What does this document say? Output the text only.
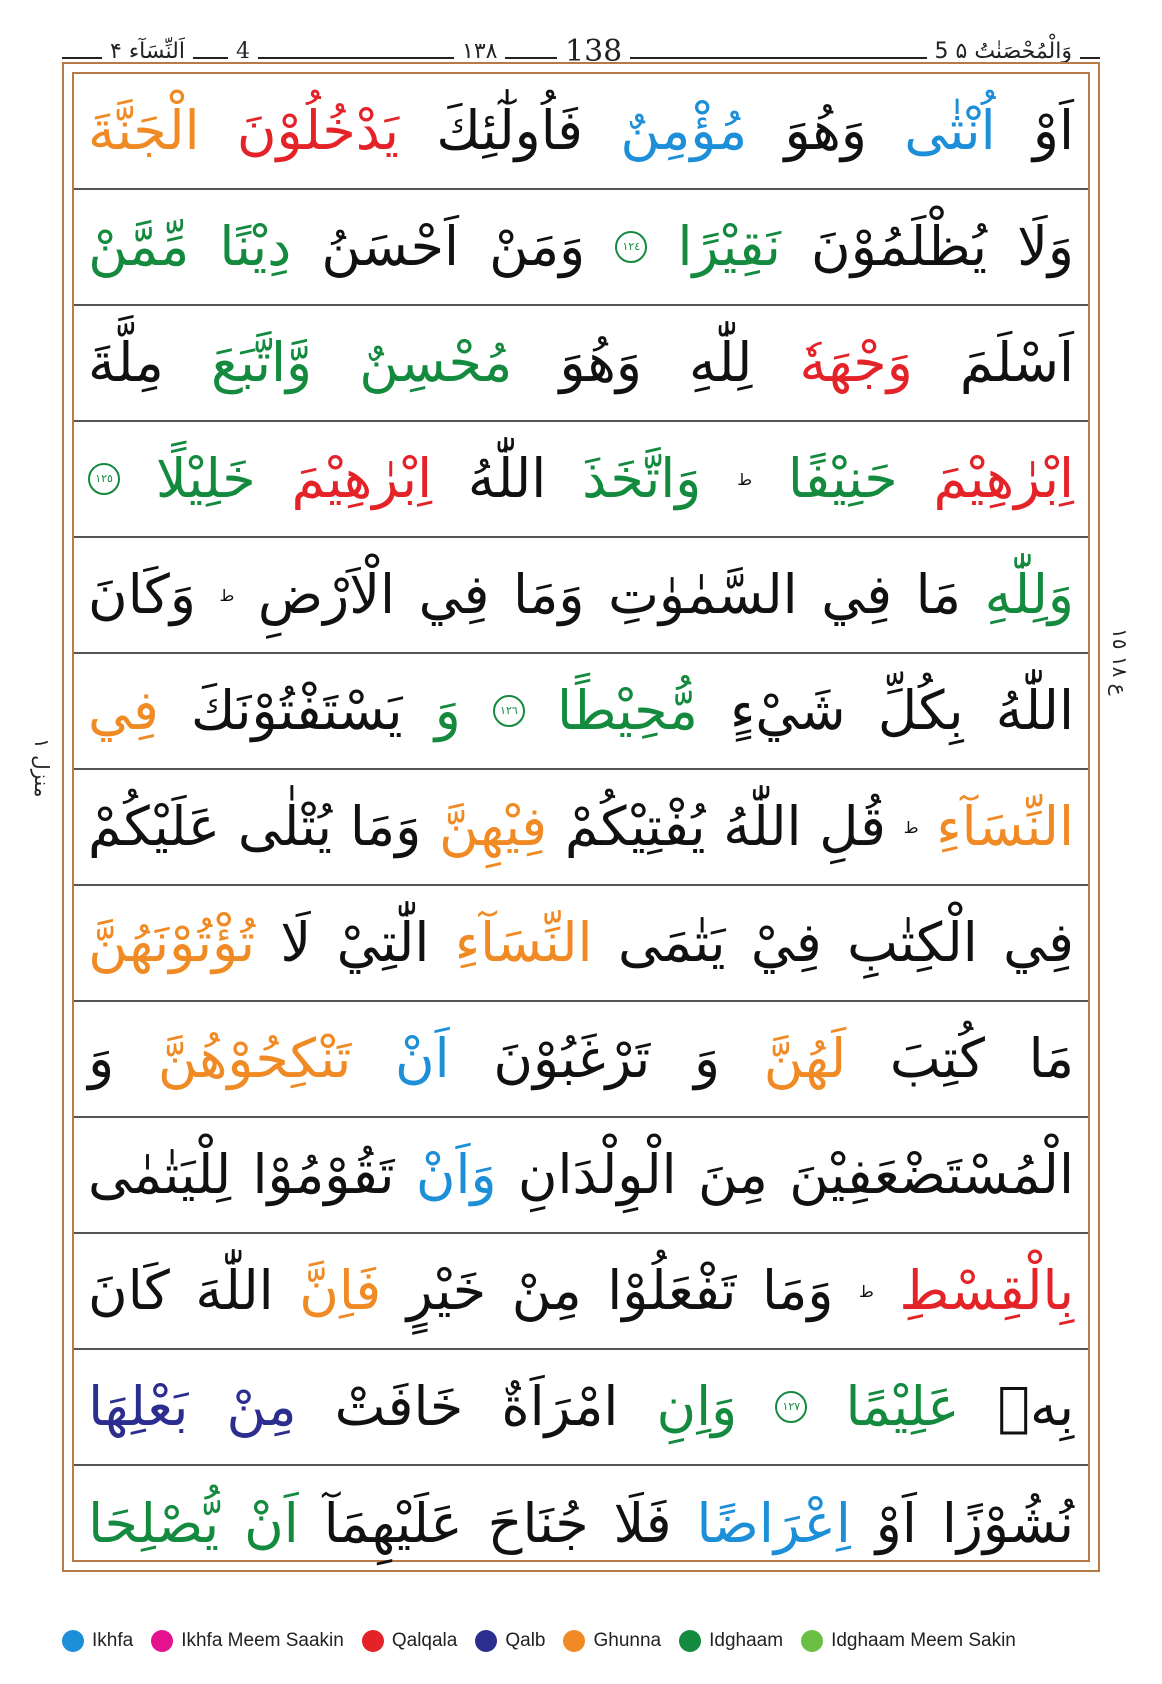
اَلنِّسَآء ۴	4	۱۳۸ 138	5 وَالْمُحْصَنٰتُ ۵
منزل ١
ع ١٨ ١٥
اَوْ
اُنْثٰى
وَهُوَ
مُؤْمِنٌ
فَاُولٰٓئِكَ
يَدْخُلُوْنَ
الْجَنَّةَ
وَلَا
يُظْلَمُوْنَ
نَقِيْرًا
١٢٤
وَمَنْ
اَحْسَنُ
دِيْنًا
مِّمَّنْ
اَسْلَمَ
وَجْهَهٗ
لِلّٰهِ
وَهُوَ
مُحْسِنٌ
وَّاتَّبَعَ
مِلَّةَ
اِبْرٰهِيْمَ
حَنِيْفًا
ط
وَاتَّخَذَ
اللّٰهُ
اِبْرٰهِيْمَ
خَلِيْلًا
١٢٥
وَلِلّٰهِ
مَا
فِي
السَّمٰوٰتِ
وَمَا
فِي
الْاَرْضِ
ط
وَكَانَ
اللّٰهُ
بِكُلِّ
شَيْءٍ
مُّحِيْطًا
١٢٦
وَ
يَسْتَفْتُوْنَكَ
فِي
النِّسَآءِ
ط
قُلِ
اللّٰهُ
يُفْتِيْكُمْ
فِيْهِنَّ
وَمَا
يُتْلٰى
عَلَيْكُمْ
فِي
الْكِتٰبِ
فِيْ
يَتٰمَى
النِّسَآءِ
الّٰتِيْ
لَا
تُؤْتُوْنَهُنَّ
مَا
كُتِبَ
لَهُنَّ
وَ
تَرْغَبُوْنَ
اَنْ
تَنْكِحُوْهُنَّ
وَ
الْمُسْتَضْعَفِيْنَ
مِنَ
الْوِلْدَانِ
وَاَنْ
تَقُوْمُوْا
لِلْيَتٰمٰى
بِالْقِسْطِ
ط
وَمَا
تَفْعَلُوْا
مِنْ
خَيْرٍ
فَاِنَّ
اللّٰهَ
كَانَ
بِهٖ
عَلِيْمًا
١٢٧
وَاِنِ
امْرَاَةٌ
خَافَتْ
مِنْ
بَعْلِهَا
نُشُوْزًا
اَوْ
اِعْرَاضًا
فَلَا
جُنَاحَ
عَلَيْهِمَآ
اَنْ
يُّصْلِحَا
Ikhfa	Ikhfa Meem Saakin	Qalqala	Qalb	Ghunna	Idghaam	Idghaam Meem Sakin
